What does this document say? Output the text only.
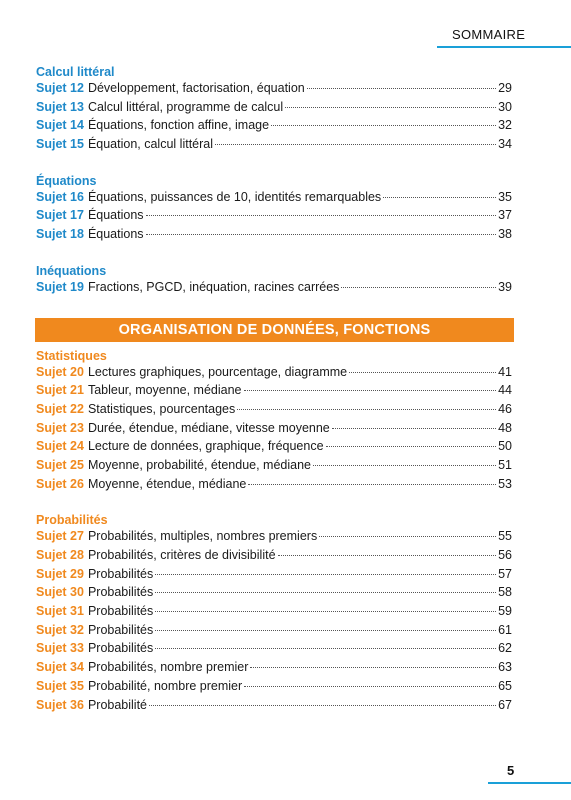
SOMMAIRE
Calcul littéral
Sujet 12 Développement, factorisation, équation	29
Sujet 13 Calcul littéral, programme de calcul	30
Sujet 14 Équations, fonction affine, image	32
Sujet 15 Équation, calcul littéral	34
Équations
Sujet 16 Équations, puissances de 10, identités remarquables	35
Sujet 17 Équations	37
Sujet 18 Équations	38
Inéquations
Sujet 19 Fractions, PGCD, inéquation, racines carrées	39
ORGANISATION DE DONNÉES, FONCTIONS
Statistiques
Sujet 20 Lectures graphiques, pourcentage, diagramme	41
Sujet 21 Tableur, moyenne, médiane	44
Sujet 22 Statistiques, pourcentages	46
Sujet 23 Durée, étendue, médiane, vitesse moyenne	48
Sujet 24 Lecture de données, graphique, fréquence	50
Sujet 25 Moyenne, probabilité, étendue, médiane	51
Sujet 26 Moyenne, étendue, médiane	53
Probabilités
Sujet 27 Probabilités, multiples, nombres premiers	55
Sujet 28 Probabilités, critères de divisibilité	56
Sujet 29 Probabilités	57
Sujet 30 Probabilités	58
Sujet 31 Probabilités	59
Sujet 32 Probabilités	61
Sujet 33 Probabilités	62
Sujet 34 Probabilités, nombre premier	63
Sujet 35 Probabilité, nombre premier	65
Sujet 36 Probabilité	67
5
